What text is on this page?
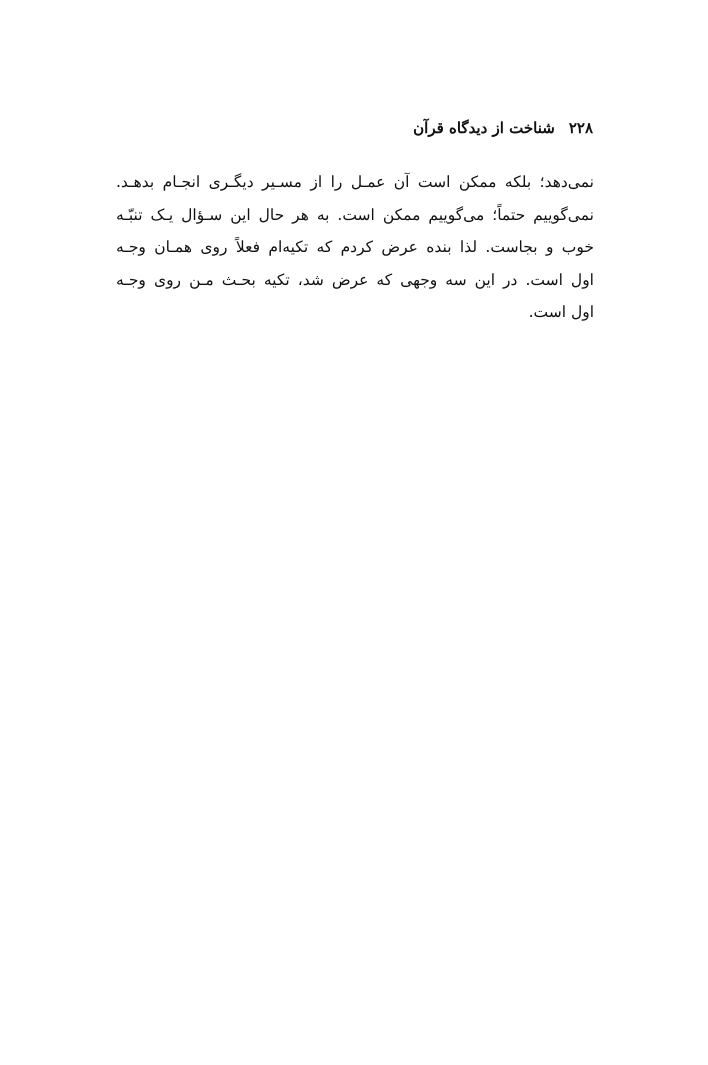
۲۲۸
شناخت از دیدگاه قرآن
نمی‌دهد؛ بلکه ممکن است آن عمـل را از مسـیر دیگـری انجـام بدهـد.
نمی‌گوییم حتماً؛ می‌گوییم ممکن است. به هر حال این سـؤال یـک تنبّـه
خوب و بجاست. لذا بنده عرض کردم که تکیه‌ام فعلاً روی همـان وجـه
اول است. در این سه وجهی که عرض شد، تکیه بحـث مـن روی وجـه
اول است.
